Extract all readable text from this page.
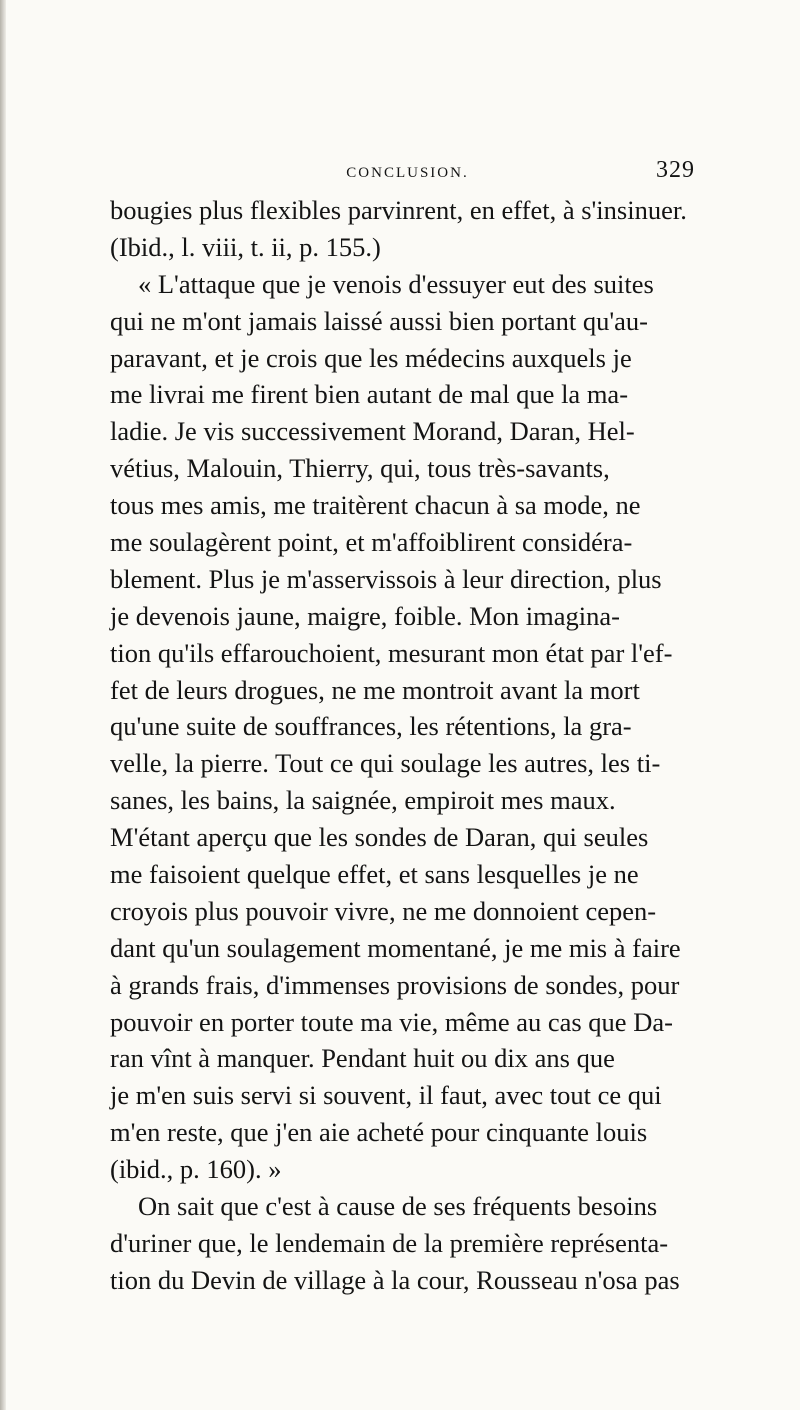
CONCLUSION.	329
bougies plus flexibles parvinrent, en effet, à s'insinuer.
(Ibid., l. viii, t. ii, p. 155.)
« L'attaque que je venois d'essuyer eut des suites
qui ne m'ont jamais laissé aussi bien portant qu'au-
paravant, et je crois que les médecins auxquels je
me livrai me firent bien autant de mal que la ma-
ladie. Je vis successivement Morand, Daran, Hel-
vétius, Malouin, Thierry, qui, tous très-savants,
tous mes amis, me traitèrent chacun à sa mode, ne
me soulagèrent point, et m'affoiblirent considéra-
blement. Plus je m'asservissois à leur direction, plus
je devenois jaune, maigre, foible. Mon imagina-
tion qu'ils effarouchoient, mesurant mon état par l'ef-
fet de leurs drogues, ne me montroit avant la mort
qu'une suite de souffrances, les rétentions, la gra-
velle, la pierre. Tout ce qui soulage les autres, les ti-
sanes, les bains, la saignée, empiroit mes maux.
M'étant aperçu que les sondes de Daran, qui seules
me faisoient quelque effet, et sans lesquelles je ne
croyois plus pouvoir vivre, ne me donnoient cepen-
dant qu'un soulagement momentané, je me mis à faire
à grands frais, d'immenses provisions de sondes, pour
pouvoir en porter toute ma vie, même au cas que Da-
ran vînt à manquer. Pendant huit ou dix ans que
je m'en suis servi si souvent, il faut, avec tout ce qui
m'en reste, que j'en aie acheté pour cinquante louis
(ibid., p. 160). »
On sait que c'est à cause de ses fréquents besoins
d'uriner que, le lendemain de la première représenta-
tion du Devin de village à la cour, Rousseau n'osa pas
